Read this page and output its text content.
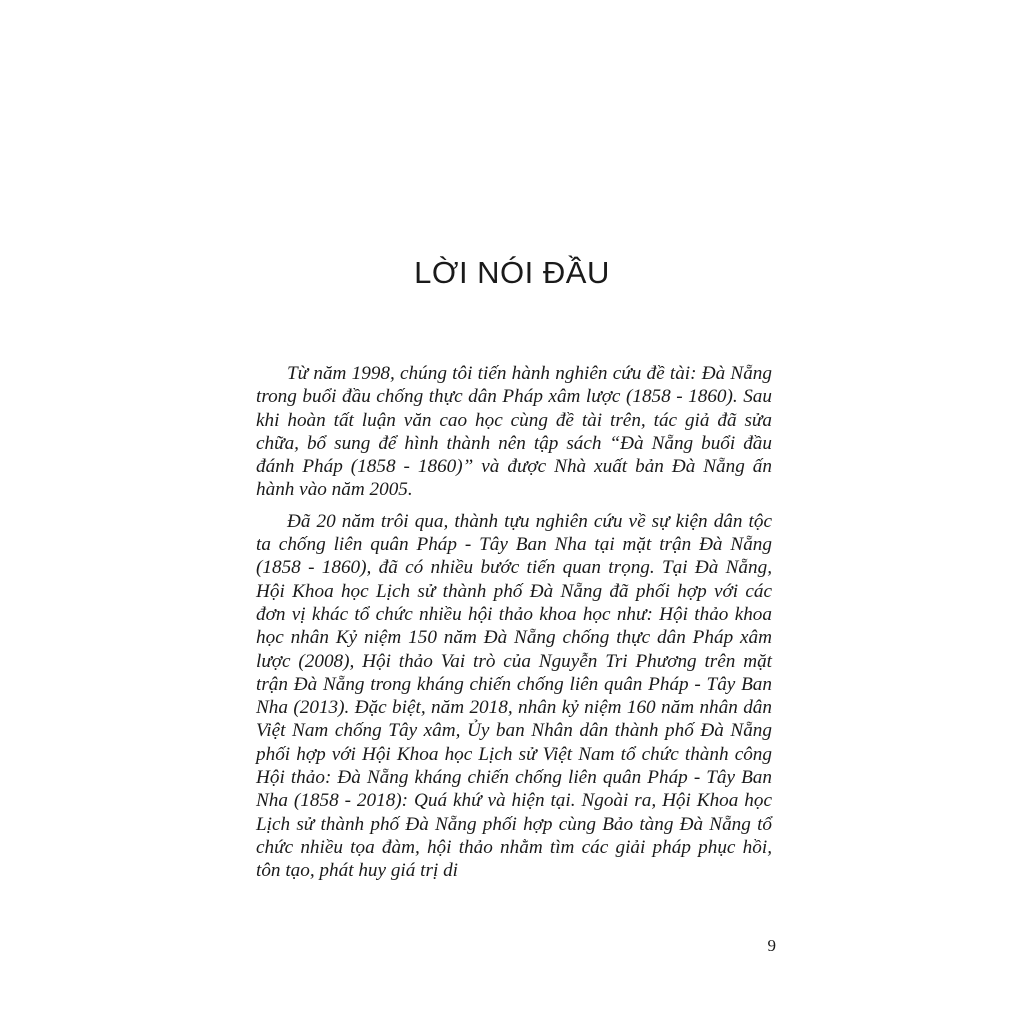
LỜI NÓI ĐẦU

Từ năm 1998, chúng tôi tiến hành nghiên cứu đề tài: Đà Nẵng trong buổi đầu chống thực dân Pháp xâm lược (1858 - 1860). Sau khi hoàn tất luận văn cao học cùng đề tài trên, tác giả đã sửa chữa, bổ sung để hình thành nên tập sách “Đà Nẵng buổi đầu đánh Pháp (1858 - 1860)” và được Nhà xuất bản Đà Nẵng ấn hành vào năm 2005.

Đã 20 năm trôi qua, thành tựu nghiên cứu về sự kiện dân tộc ta chống liên quân Pháp - Tây Ban Nha tại mặt trận Đà Nẵng (1858 - 1860), đã có nhiều bước tiến quan trọng. Tại Đà Nẵng, Hội Khoa học Lịch sử thành phố Đà Nẵng đã phối hợp với các đơn vị khác tổ chức nhiều hội thảo khoa học như: Hội thảo khoa học nhân Kỷ niệm 150 năm Đà Nẵng chống thực dân Pháp xâm lược (2008), Hội thảo Vai trò của Nguyễn Tri Phương trên mặt trận Đà Nẵng trong kháng chiến chống liên quân Pháp - Tây Ban Nha (2013). Đặc biệt, năm 2018, nhân kỷ niệm 160 năm nhân dân Việt Nam chống Tây xâm, Ủy ban Nhân dân thành phố Đà Nẵng phối hợp với Hội Khoa học Lịch sử Việt Nam tổ chức thành công Hội thảo: Đà Nẵng kháng chiến chống liên quân Pháp - Tây Ban Nha (1858 - 2018): Quá khứ và hiện tại. Ngoài ra, Hội Khoa học Lịch sử thành phố Đà Nẵng phối hợp cùng Bảo tàng Đà Nẵng tổ chức nhiều tọa đàm, hội thảo nhằm tìm các giải pháp phục hồi, tôn tạo, phát huy giá trị di

9
